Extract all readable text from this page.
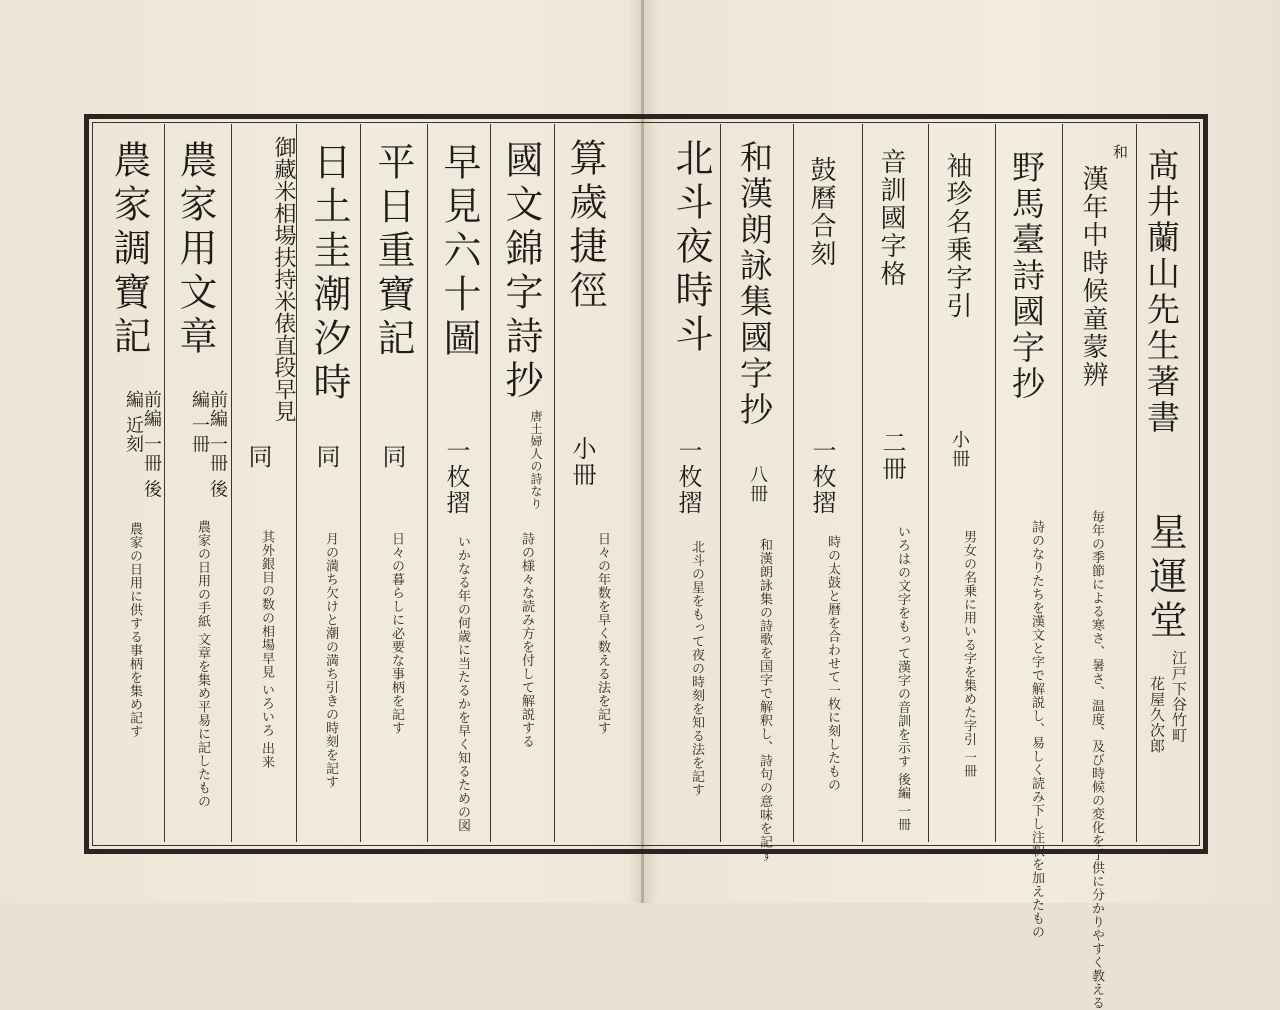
髙井蘭山先生著書
星運堂
江戸下谷竹町
花屋久次郎
和
漢年中時候童蒙辨
毎年の季節による寒さ、暑さ、温度、及び時候の変化を子供に分かりやすく教える
野馬臺詩國字抄
詩のなりたちを漢文と字で解説し、易しく読み下し注釈を加えたもの
袖珍名乗字引
小冊
男女の名乗に用いる字を集めた字引 一冊
音訓國字格
二冊
いろはの文字をもって漢字の音訓を示す 後編 一冊
鼓曆合刻
一枚摺
時の太鼓と暦を合わせて一枚に刻したもの
和漢朗詠集國字抄
八冊
和漢朗詠集の詩歌を国字で解釈し、詩句の意味を記す
北斗夜時斗
一枚摺
北斗の星をもって夜の時刻を知る法を記す
算歲捷徑
小冊
日々の年数を早く数える法を記す
國文錦字詩抄
唐土婦人の詩なり
詩の様々な読み方を付して解説する
早見六十圖
一枚摺
いかなる年の何歳に当たるかを早く知るための図
平日重寶記
同
日々の暮らしに必要な事柄を記す
日土圭潮汐時
同
月の満ち欠けと潮の満ち引きの時刻を記す
御藏米相場扶持米俵直段早見
同
其外銀目の数の相場早見 いろいろ 出来
農家用文章
前編 一冊 後編 一冊
農家の日用の手紙 文章を集め平易に記したもの
農家調寶記
前編 一冊 後編 近刻
農家の日用に供する事柄を集め記す
